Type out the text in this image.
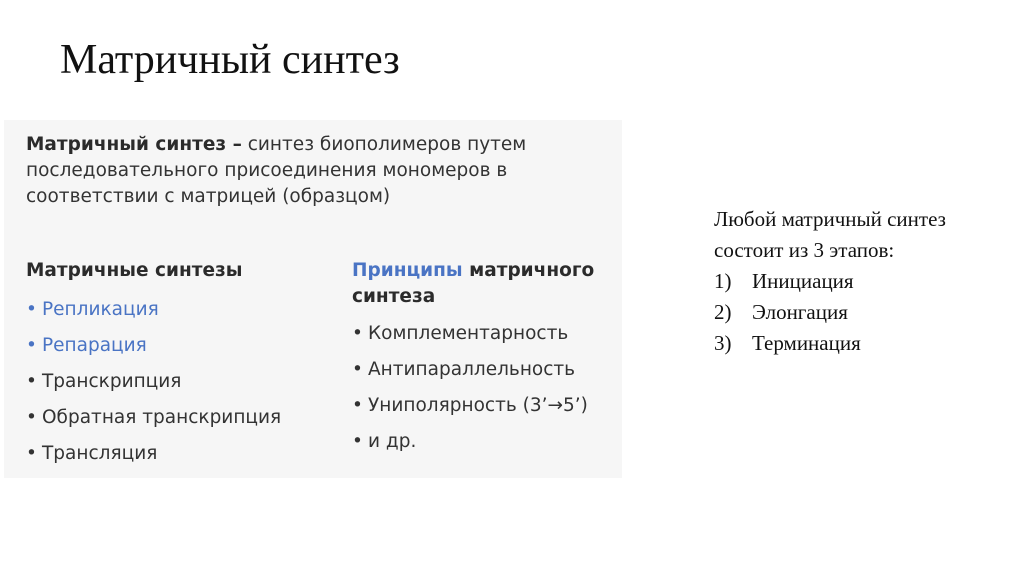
Матричный синтез
Матричный синтез – синтез биополимеров путем последовательного присоединения мономеров в соответствии с матрицей (образцом)
Матричные синтезы
• Репликация
• Репарация
• Транскрипция
• Обратная транскрипция
• Трансляция
Принципы матричного синтеза
• Комплементарность
• Антипараллельность
• Униполярность (3’→5’)
• и др.
Любой матричный синтез состоит из 3 этапов:
1) Инициация
2) Элонгация
3) Терминация
